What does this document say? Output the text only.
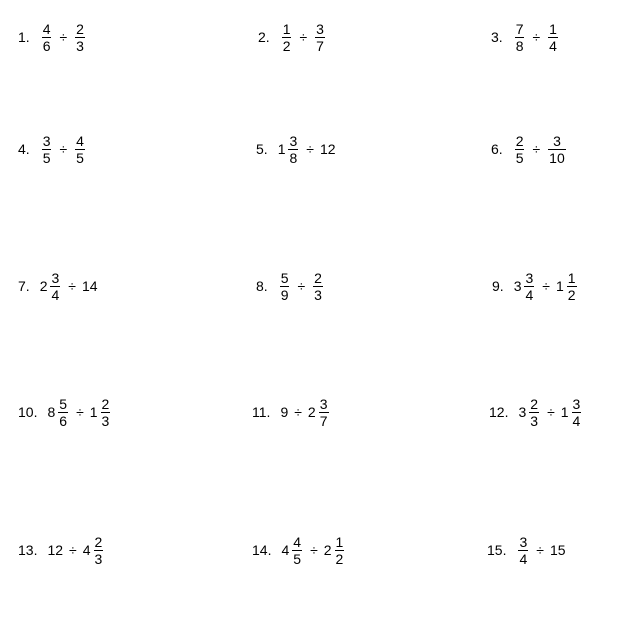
1. $\frac{4}{6} \div \frac{2}{3}$	2. $\frac{1}{2} \div \frac{3}{7}$	3. $\frac{7}{8} \div \frac{1}{4}$
4. $\frac{3}{5} \div \frac{4}{5}$	5. $1 \frac{3}{8} \div 12$	6. $\frac{2}{5} \div \frac{3}{10}$
7. $2 \frac{3}{4} \div 14$	8. $\frac{5}{9} \div \frac{2}{3}$	9. $3 \frac{3}{4} \div 1 \frac{1}{2}$
10. $8 \frac{5}{6} \div 1 \frac{2}{3}$	11. $9 \div 2 \frac{3}{7}$	12. $3 \frac{2}{3} \div 1 \frac{3}{4}$
13. $12 \div 4 \frac{2}{3}$	14. $4 \frac{4}{5} \div 2 \frac{1}{2}$	15. $\frac{3}{4} \div 15$
